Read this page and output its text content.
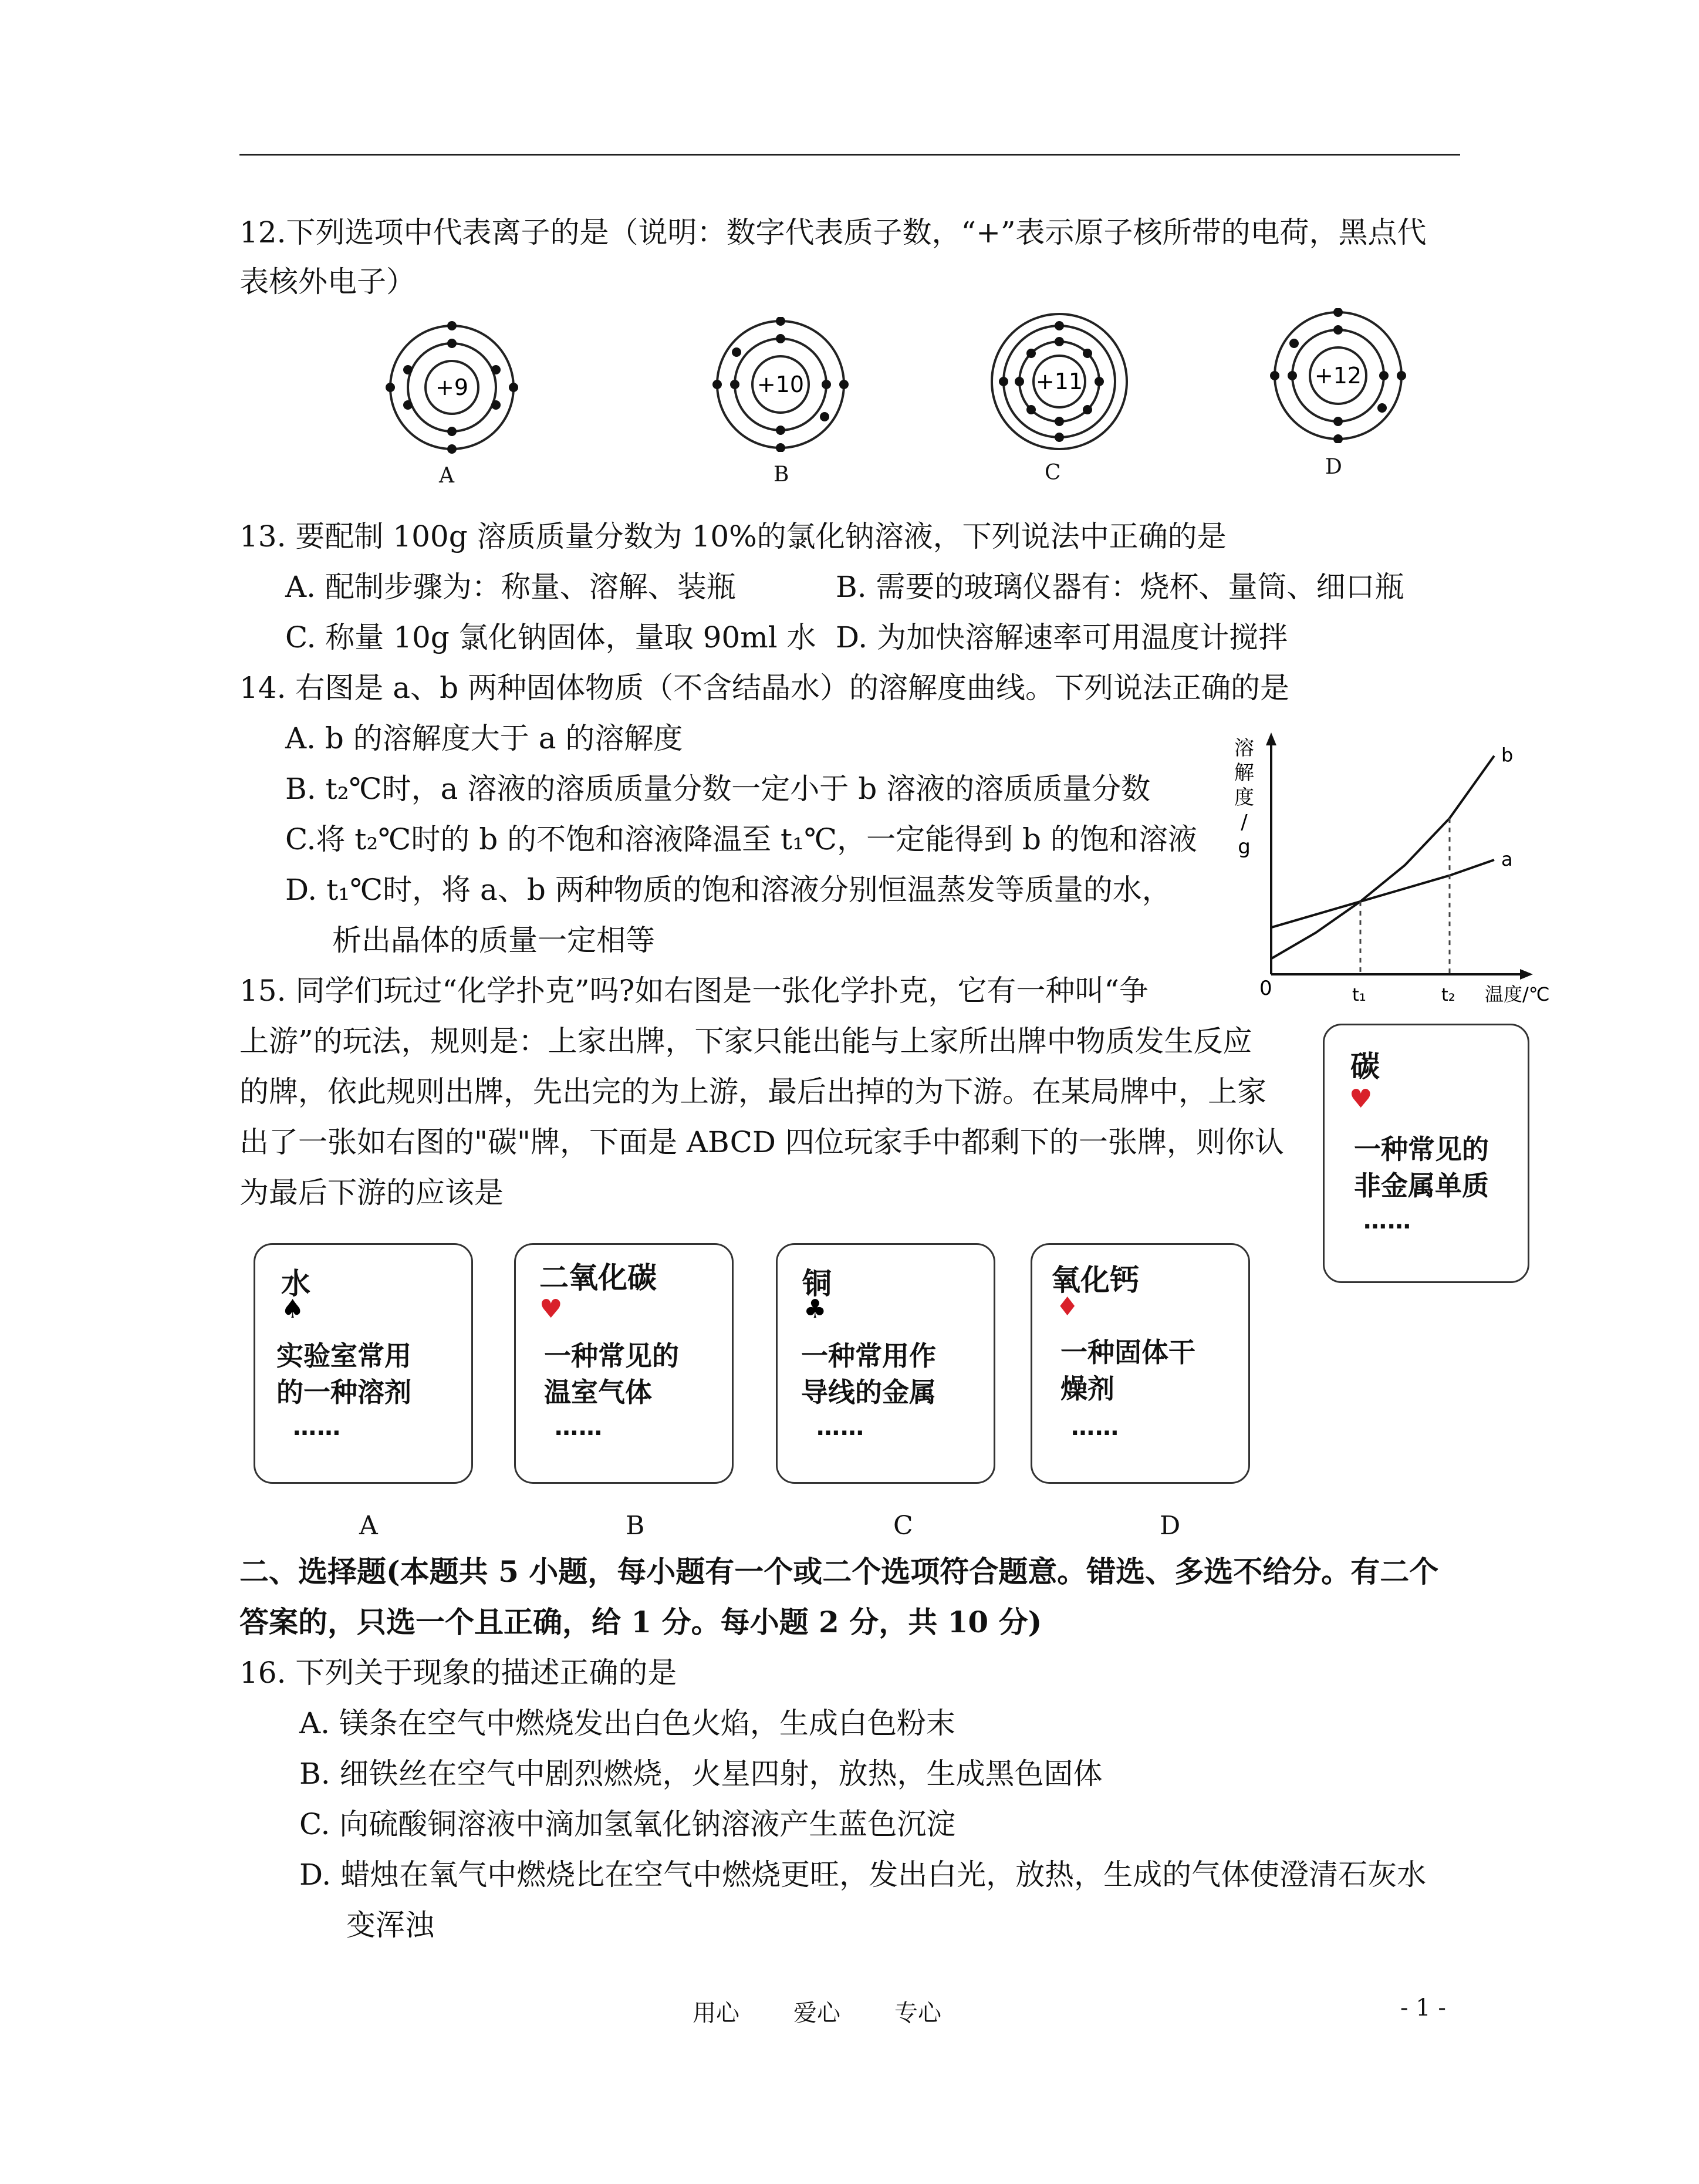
12.下列选项中代表离子的是（说明：数字代表质子数，“+”表示原子核所带的电荷，黑点代
表核外电子）
+9
A
+10
B
+11
C
+12
D
13. 要配制 100g 溶质质量分数为 10%的氯化钠溶液，下列说法中正确的是
A. 配制步骤为：称量、溶解、装瓶	B. 需要的玻璃仪器有：烧杯、量筒、细口瓶
C. 称量 10g 氯化钠固体，量取 90ml 水 D. 为加快溶解速率可用温度计搅拌
14. 右图是 a、b 两种固体物质（不含结晶水）的溶解度曲线。下列说法正确的是
A. b 的溶解度大于 a 的溶解度
B. t₂℃时，a 溶液的溶质质量分数一定小于 b 溶液的溶质质量分数
C.将 t₂℃时的 b 的不饱和溶液降温至 t₁℃，一定能得到 b 的饱和溶液
D. t₁℃时，将 a、b 两种物质的饱和溶液分别恒温蒸发等质量的水，
析出晶体的质量一定相等
溶
解
度
/
g
0	温度/℃
b
a
t₁	t₂
15. 同学们玩过“化学扑克”吗?如右图是一张化学扑克，它有一种叫“争
上游”的玩法，规则是：上家出牌，下家只能出能与上家所出牌中物质发生反应
的牌，依此规则出牌，先出完的为上游，最后出掉的为下游。在某局牌中，上家
出了一张如右图的"碳"牌，下面是 ABCD 四位玩家手中都剩下的一张牌，则你认
为最后下游的应该是
碳
♥
一种常见的
非金属单质
……
水
♠
实验室常用
的一种溶剂
……
A
二氧化碳
♥
一种常见的
温室气体
……
B
铜
♣
一种常用作
导线的金属
……
C
氧化钙
♦
一种固体干
燥剂
……
D
二、选择题(本题共 5 小题，每小题有一个或二个选项符合题意。错选、多选不给分。有二个
答案的，只选一个且正确，给 1 分。每小题 2 分，共 10 分)
16. 下列关于现象的描述正确的是
A. 镁条在空气中燃烧发出白色火焰，生成白色粉末
B. 细铁丝在空气中剧烈燃烧，火星四射，放热，生成黑色固体
C. 向硫酸铜溶液中滴加氢氧化钠溶液产生蓝色沉淀
D. 蜡烛在氧气中燃烧比在空气中燃烧更旺，发出白光，放热，生成的气体使澄清石灰水
变浑浊
用心 爱心 专心	- 1 -
